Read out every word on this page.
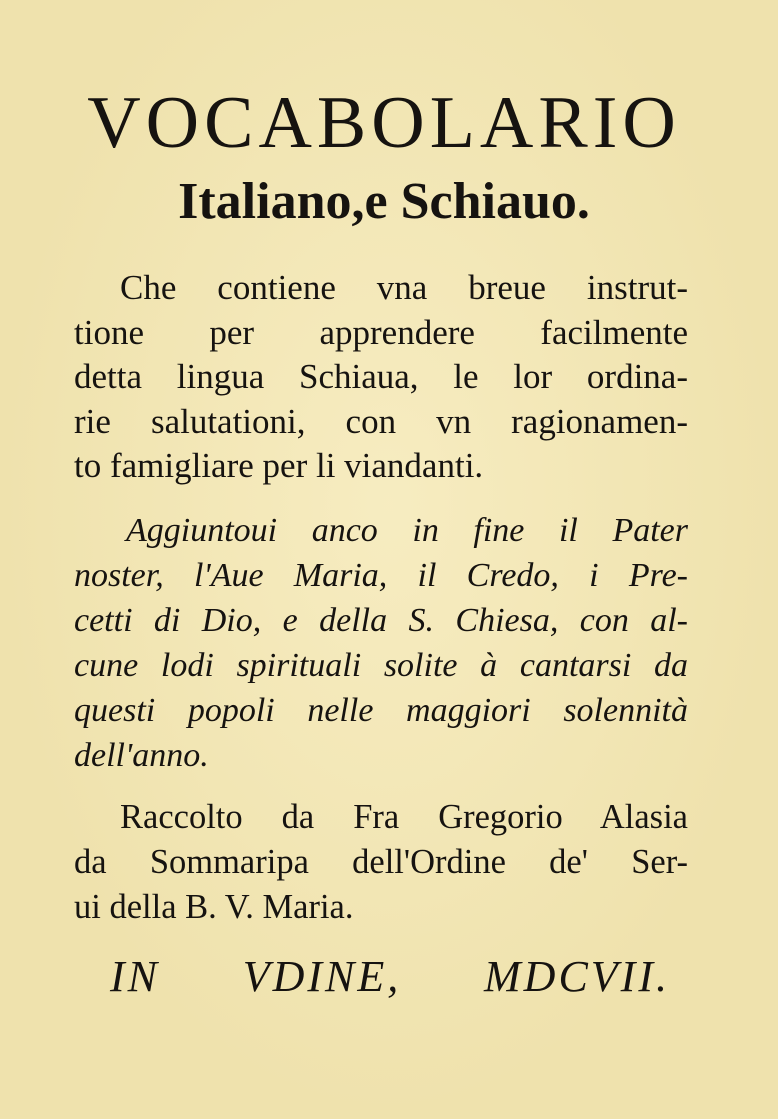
VOCABOLARIO
Italiano,e Schiauo.

Che contiene vna breue instrut-
tione per apprendere facilmente
detta lingua Schiaua, le lor ordina-
rie salutationi, con vn ragionamen-
to famigliare per li viandanti.

Aggiuntoui anco in fine il Pater
noster, l'Aue Maria, il Credo, i Pre-
cetti di Dio, e della S. Chiesa, con al-
cune lodi spirituali solite à cantarsi da
questi popoli nelle maggiori solennità
dell'anno.

Raccolto da Fra Gregorio Alasia
da Sommaripa dell'Ordine de' Ser-
ui della B. V. Maria.

IN VDINE, MDCVII.
